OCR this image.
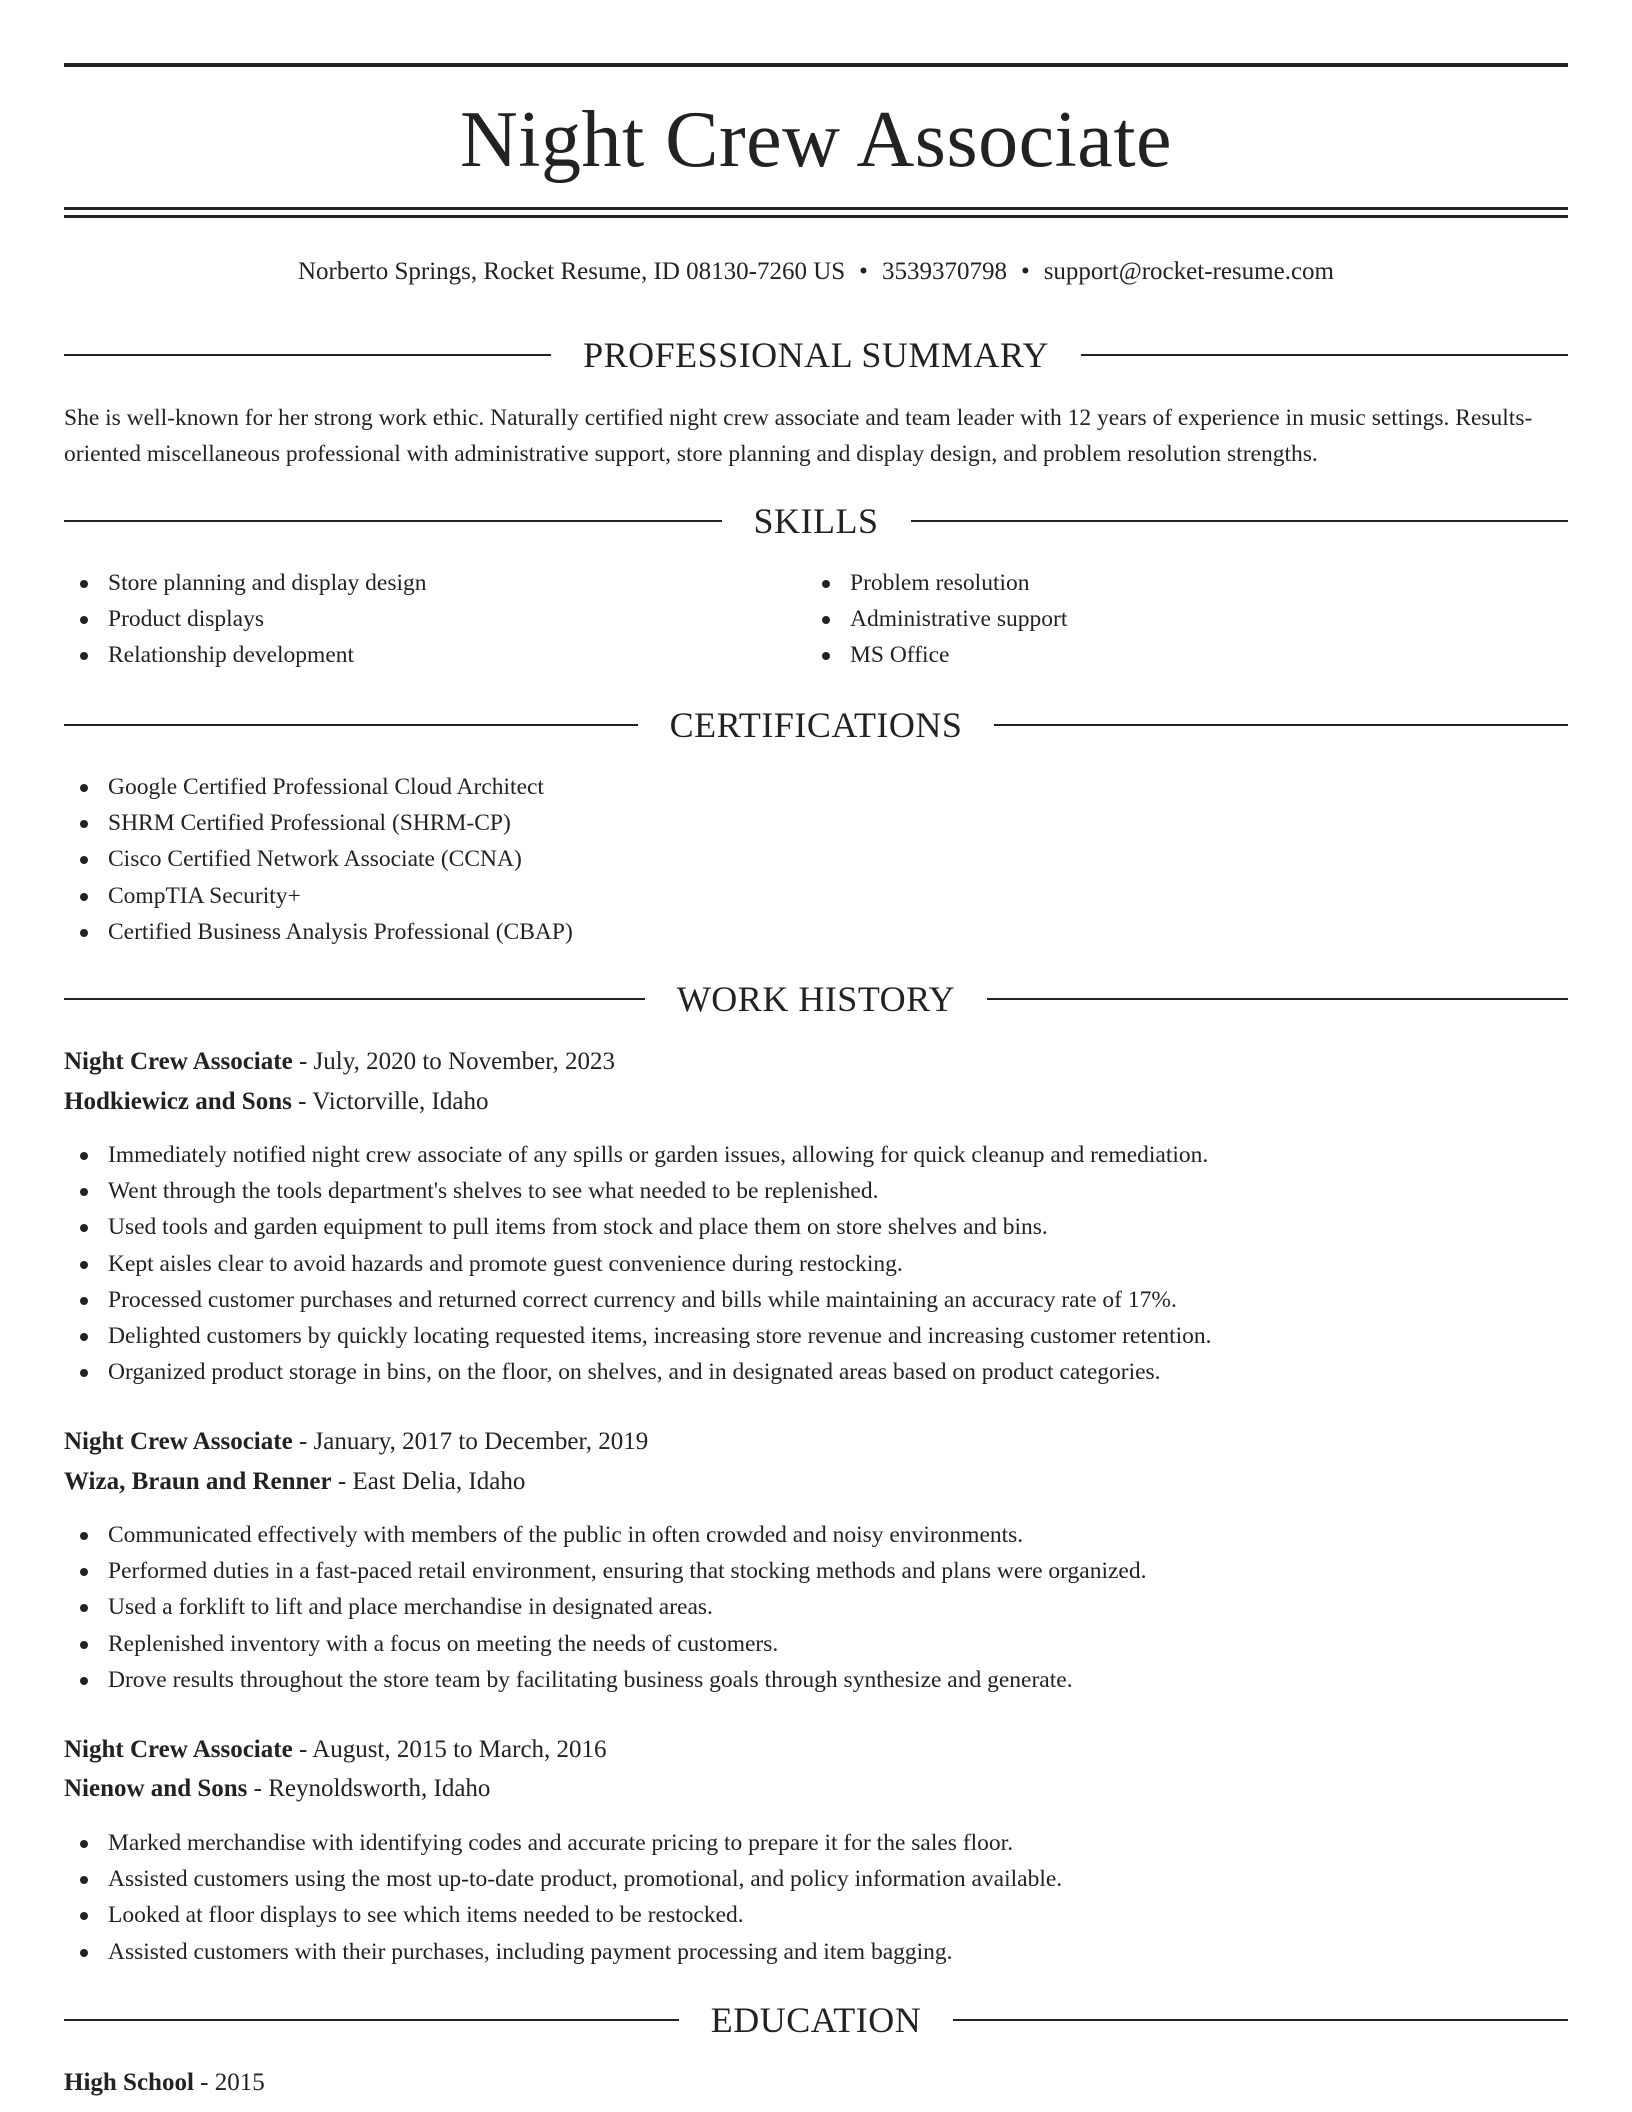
Night Crew Associate
Norberto Springs, Rocket Resume, ID 08130-7260 US • 3539370798 • support@rocket-resume.com
PROFESSIONAL SUMMARY
She is well-known for her strong work ethic. Naturally certified night crew associate and team leader with 12 years of experience in music settings. Results-oriented miscellaneous professional with administrative support, store planning and display design, and problem resolution strengths.
SKILLS
Store planning and display design
Product displays
Relationship development
Problem resolution
Administrative support
MS Office
CERTIFICATIONS
Google Certified Professional Cloud Architect
SHRM Certified Professional (SHRM-CP)
Cisco Certified Network Associate (CCNA)
CompTIA Security+
Certified Business Analysis Professional (CBAP)
WORK HISTORY
Night Crew Associate - July, 2020 to November, 2023
Hodkiewicz and Sons - Victorville, Idaho
Immediately notified night crew associate of any spills or garden issues, allowing for quick cleanup and remediation.
Went through the tools department's shelves to see what needed to be replenished.
Used tools and garden equipment to pull items from stock and place them on store shelves and bins.
Kept aisles clear to avoid hazards and promote guest convenience during restocking.
Processed customer purchases and returned correct currency and bills while maintaining an accuracy rate of 17%.
Delighted customers by quickly locating requested items, increasing store revenue and increasing customer retention.
Organized product storage in bins, on the floor, on shelves, and in designated areas based on product categories.
Night Crew Associate - January, 2017 to December, 2019
Wiza, Braun and Renner - East Delia, Idaho
Communicated effectively with members of the public in often crowded and noisy environments.
Performed duties in a fast-paced retail environment, ensuring that stocking methods and plans were organized.
Used a forklift to lift and place merchandise in designated areas.
Replenished inventory with a focus on meeting the needs of customers.
Drove results throughout the store team by facilitating business goals through synthesize and generate.
Night Crew Associate - August, 2015 to March, 2016
Nienow and Sons - Reynoldsworth, Idaho
Marked merchandise with identifying codes and accurate pricing to prepare it for the sales floor.
Assisted customers using the most up-to-date product, promotional, and policy information available.
Looked at floor displays to see which items needed to be restocked.
Assisted customers with their purchases, including payment processing and item bagging.
EDUCATION
High School - 2015
